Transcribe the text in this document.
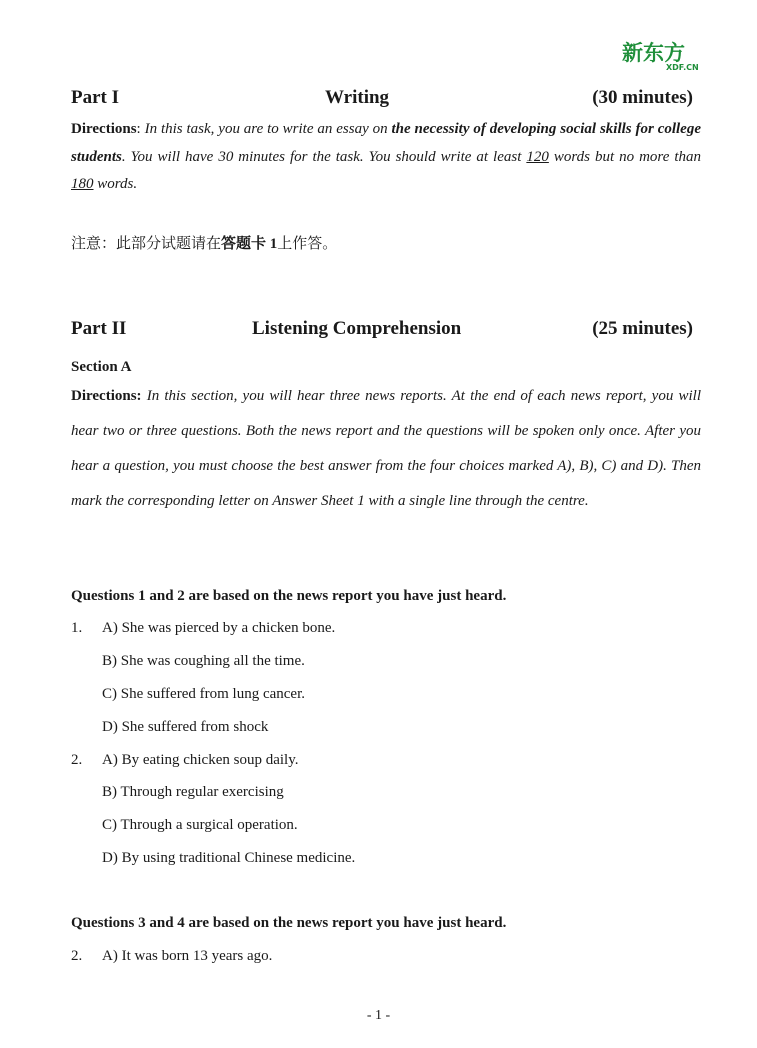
新东方
XDF.CN
Part I	Writing	(30 minutes)
Directions: In this task, you are to write an essay on the necessity of developing social skills for college students. You will have 30 minutes for the task. You should write at least 120 words but no more than 180 words.
注意：此部分试题请在答题卡 1上作答。
Part II	Listening Comprehension	(25 minutes)
Section A
Directions: In this section, you will hear three news reports. At the end of each news report, you will hear two or three questions. Both the news report and the questions will be spoken only once. After you hear a question, you must choose the best answer from the four choices marked A), B), C) and D). Then mark the corresponding letter on Answer Sheet 1 with a single line through the centre.
Questions 1 and 2 are based on the news report you have just heard.
1. A) She was pierced by a chicken bone.
B) She was coughing all the time.
C) She suffered from lung cancer.
D) She suffered from shock
2. A) By eating chicken soup daily.
B) Through regular exercising
C) Through a surgical operation.
D) By using traditional Chinese medicine.
Questions 3 and 4 are based on the news report you have just heard.
2. A) It was born 13 years ago.
- 1 -
